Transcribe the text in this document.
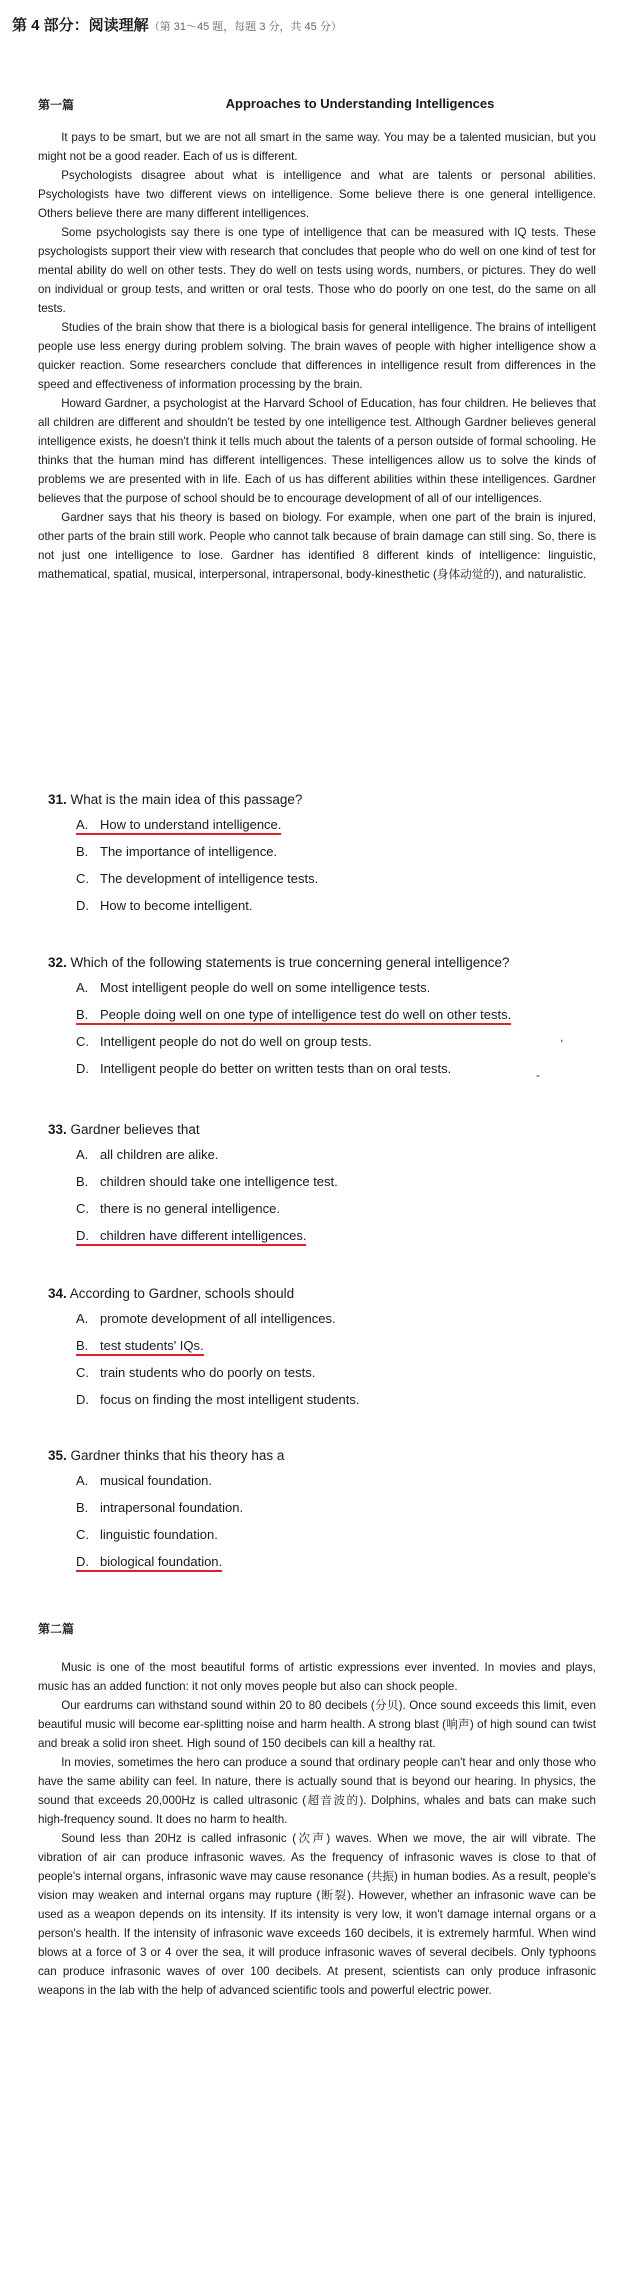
第 4 部分：阅读理解（第 31～45 题，每题 3 分，共 45 分）
第一篇	Approaches to Understanding Intelligences

It pays to be smart, but we are not all smart in the same way. You may be a talented musician, but you might not be a good reader. Each of us is different.

Psychologists disagree about what is intelligence and what are talents or personal abilities. Psychologists have two different views on intelligence. Some believe there is one general intelligence. Others believe there are many different intelligences.

Some psychologists say there is one type of intelligence that can be measured with IQ tests. These psychologists support their view with research that concludes that people who do well on one kind of test for mental ability do well on other tests. They do well on tests using words, numbers, or pictures. They do well on individual or group tests, and written or oral tests. Those who do poorly on one test, do the same on all tests.

Studies of the brain show that there is a biological basis for general intelligence. The brains of intelligent people use less energy during problem solving. The brain waves of people with higher intelligence show a quicker reaction. Some researchers conclude that differences in intelligence result from differences in the speed and effectiveness of information processing by the brain.

Howard Gardner, a psychologist at the Harvard School of Education, has four children. He believes that all children are different and shouldn't be tested by one intelligence test. Although Gardner believes general intelligence exists, he doesn't think it tells much about the talents of a person outside of formal schooling. He thinks that the human mind has different intelligences. These intelligences allow us to solve the kinds of problems we are presented with in life. Each of us has different abilities within these intelligences. Gardner believes that the purpose of school should be to encourage development of all of our intelligences.

Gardner says that his theory is based on biology. For example, when one part of the brain is injured, other parts of the brain still work. People who cannot talk because of brain damage can still sing. So, there is not just one intelligence to lose. Gardner has identified 8 different kinds of intelligence: linguistic, mathematical, spatial, musical, interpersonal, intrapersonal, body-kinesthetic (身体动觉的), and naturalistic.

31. What is the main idea of this passage?
A. How to understand intelligence.
B. The importance of intelligence.
C. The development of intelligence tests.
D. How to become intelligent.
32. Which of the following statements is true concerning general intelligence?
A. Most intelligent people do well on some intelligence tests.
B. People doing well on one type of intelligence test do well on other tests.
C. Intelligent people do not do well on group tests.
D. Intelligent people do better on written tests than on oral tests.
,
-
33. Gardner believes that
A. all children are alike.
B. children should take one intelligence test.
C. there is no general intelligence.
D. children have different intelligences.
34. According to Gardner, schools should
A. promote development of all intelligences.
B. test students' IQs.
C. train students who do poorly on tests.
D. focus on finding the most intelligent students.
35. Gardner thinks that his theory has a
A. musical foundation.
B. intrapersonal foundation.
C. linguistic foundation.
D. biological foundation.
第二篇

Music is one of the most beautiful forms of artistic expressions ever invented. In movies and plays, music has an added function: it not only moves people but also can shock people.

Our eardrums can withstand sound within 20 to 80 decibels (分贝). Once sound exceeds this limit, even beautiful music will become ear-splitting noise and harm health. A strong blast (响声) of high sound can twist and break a solid iron sheet. High sound of 150 decibels can kill a healthy rat.

In movies, sometimes the hero can produce a sound that ordinary people can't hear and only those who have the same ability can feel. In nature, there is actually sound that is beyond our hearing. In physics, the sound that exceeds 20,000Hz is called ultrasonic (超音波的). Dolphins, whales and bats can make such high-frequency sound. It does no harm to health.

Sound less than 20Hz is called infrasonic (次声) waves. When we move, the air will vibrate. The vibration of air can produce infrasonic waves. As the frequency of infrasonic waves is close to that of people's internal organs, infrasonic wave may cause resonance (共振) in human bodies. As a result, people's vision may weaken and internal organs may rupture (断裂). However, whether an infrasonic wave can be used as a weapon depends on its intensity. If its intensity is very low, it won't damage internal organs or a person's health. If the intensity of infrasonic wave exceeds 160 decibels, it is extremely harmful. When wind blows at a force of 3 or 4 over the sea, it will produce infrasonic waves of several decibels. Only typhoons can produce infrasonic waves of over 100 decibels. At present, scientists can only produce infrasonic weapons in the lab with the help of advanced scientific tools and powerful electric power.
